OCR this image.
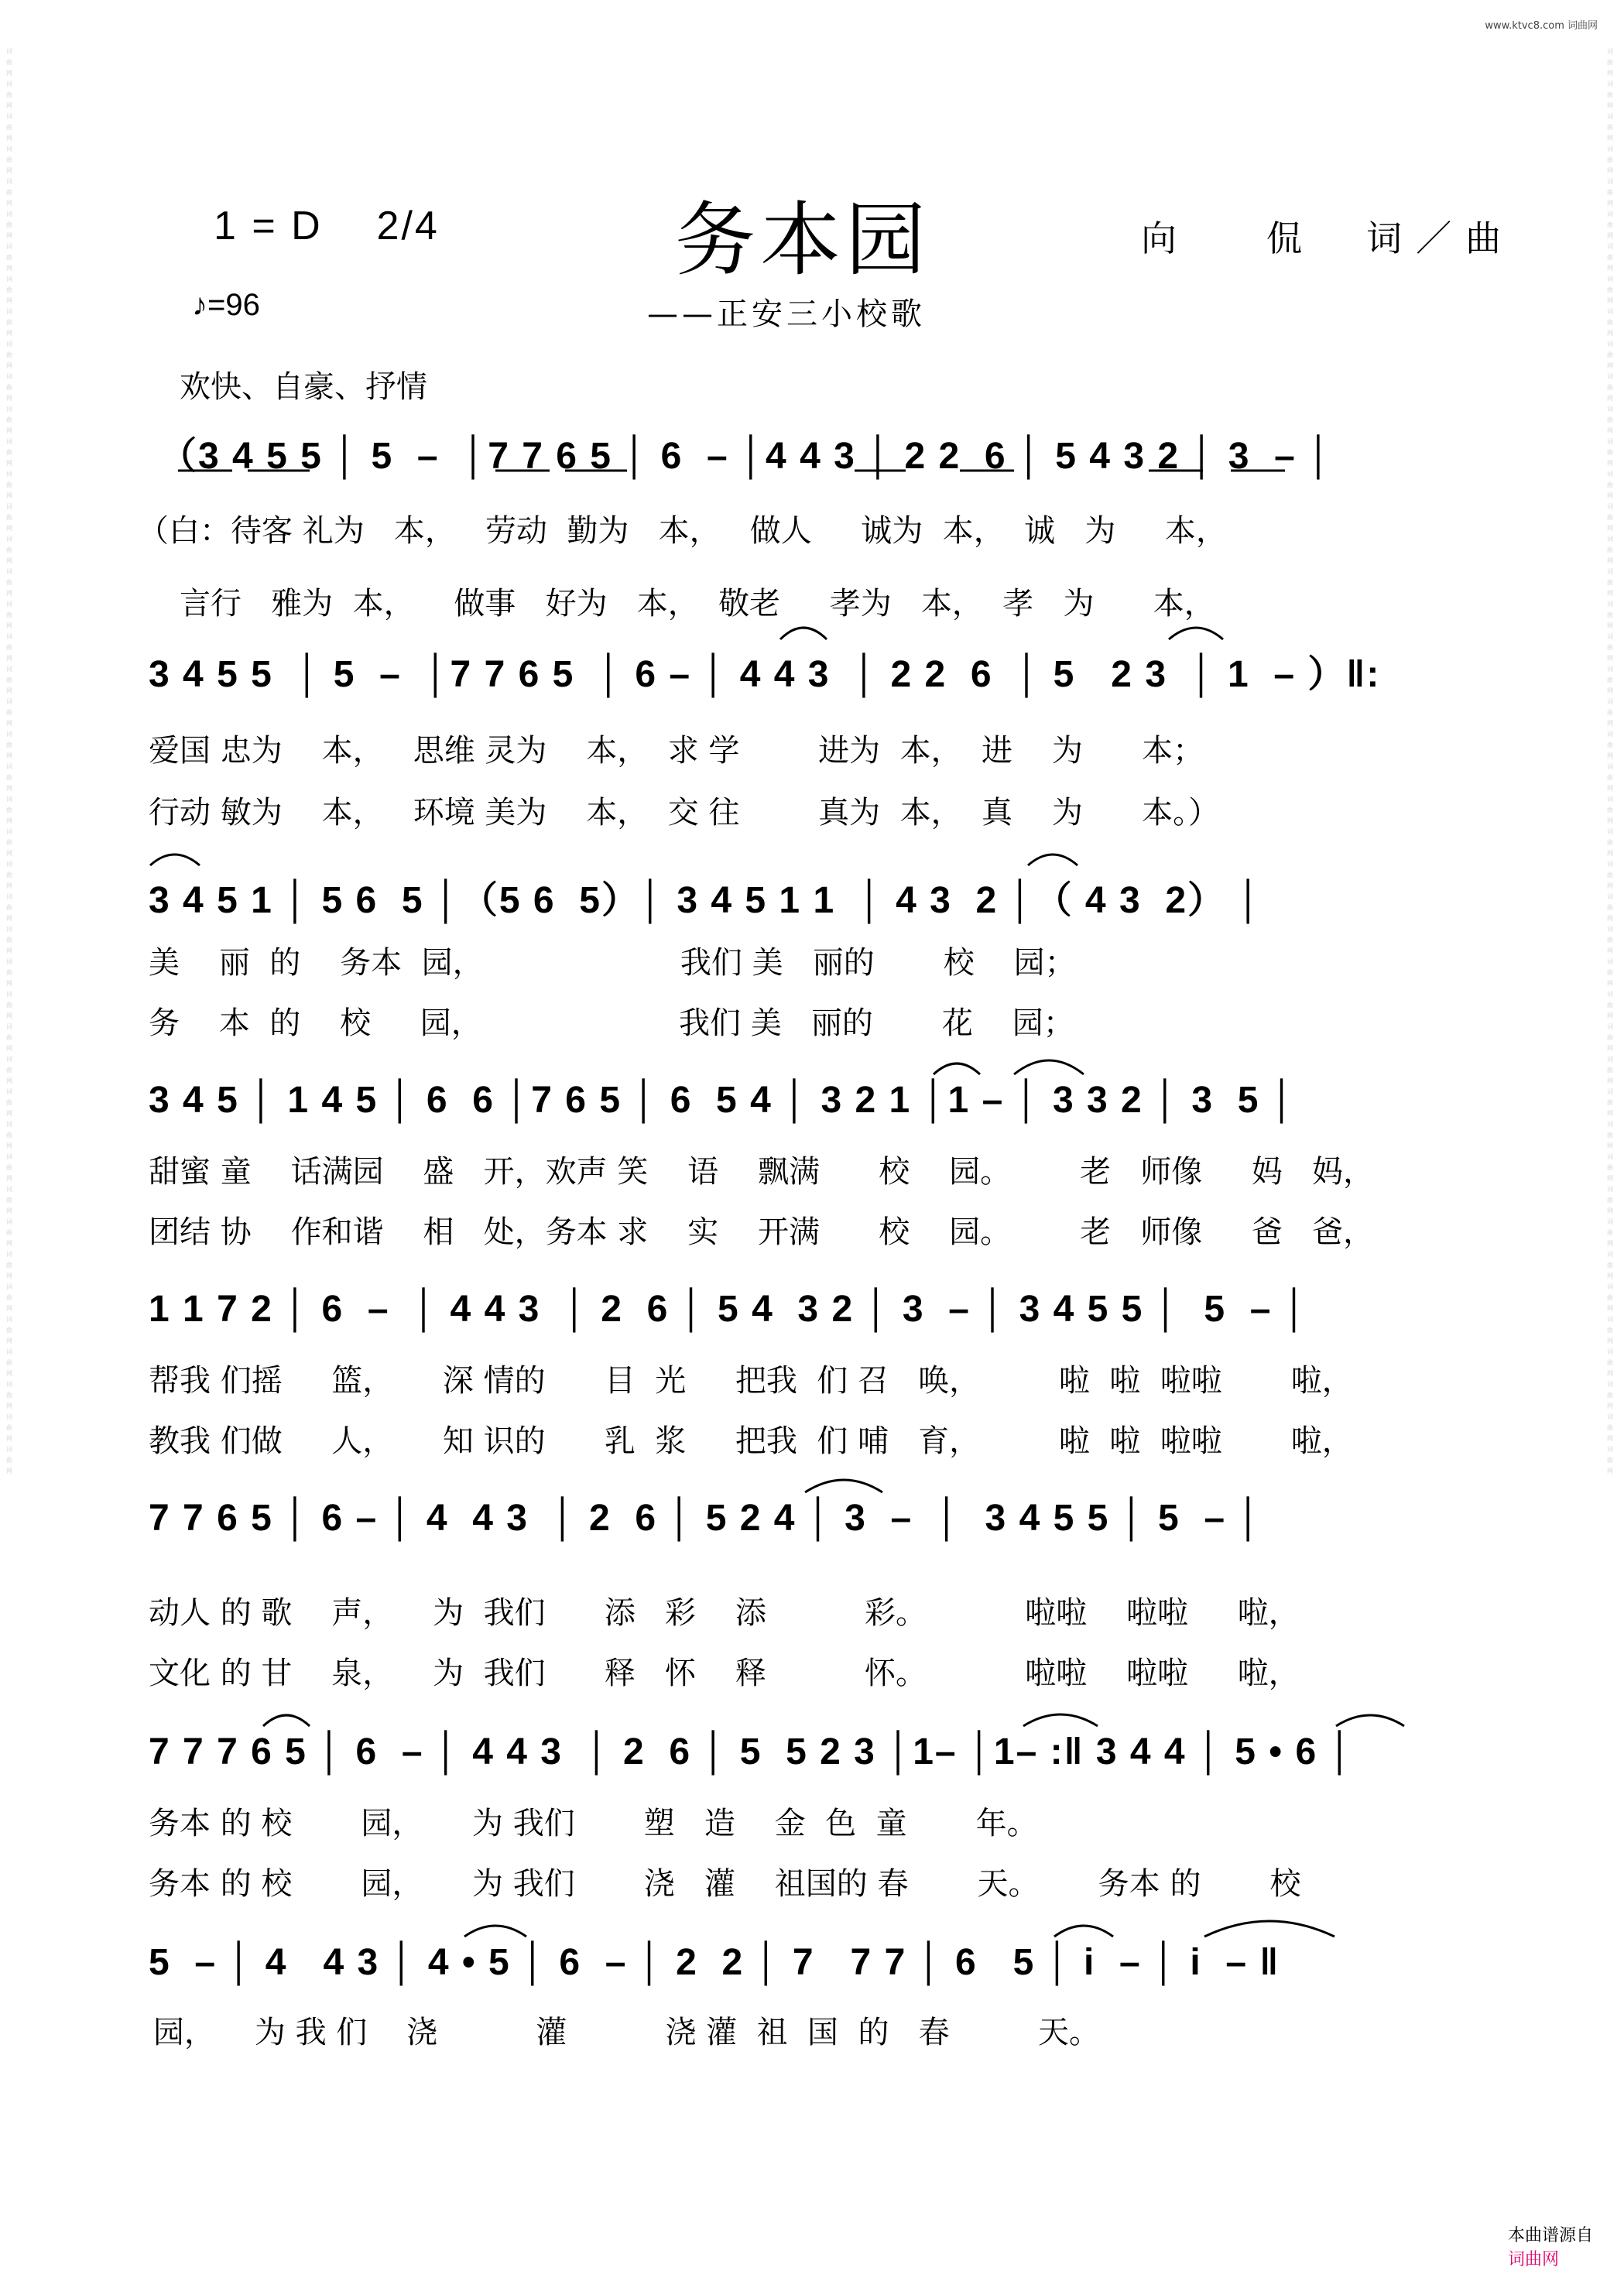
www.ktvc8.com 词曲网
词曲网 词曲网 词曲网 词曲网 词曲网 词曲网 词曲网 词曲网 词曲网 词曲网 词曲网 词曲网 词曲网 词曲网 词曲网 词曲网 词曲网 词曲网 词曲网 词曲网 词曲网 词曲网 词曲网 词曲网 词曲网 词曲网 词曲网 词曲网 词曲网 词曲网 词曲网 词曲网 词曲网 词曲网 词曲网 词曲网 词曲网 词曲网 词曲网 词曲网 词曲网 词曲网 词曲网 词曲网
词曲网 词曲网 词曲网 词曲网 词曲网 词曲网 词曲网 词曲网 词曲网 词曲网 词曲网 词曲网 词曲网 词曲网 词曲网 词曲网 词曲网 词曲网 词曲网 词曲网 词曲网 词曲网 词曲网 词曲网 词曲网 词曲网 词曲网 词曲网 词曲网 词曲网 词曲网 词曲网 词曲网 词曲网 词曲网 词曲网 词曲网 词曲网 词曲网 词曲网 词曲网 词曲网 词曲网 词曲网
1 = D    2/4	务本园	向   侃  词／曲
♪=96	——正安三小校歌
欢快、自豪、抒情
（3 4 5 5 │ 5  –  │7 7 6 5 │ 6  – │4 4 3 │ 2 2  6 │ 5 4 3 2 │ 3  – │
（白：待客 礼为   本，   劳动  勤为   本，   做人     诚为  本，  诚   为     本，
言行   雅为  本，    做事   好为   本，  敬老     孝为   本，  孝   为      本，
3 4 5 5  │ 5  –  │7 7 6 5  │ 6 – │ 4 4 3  │ 2 2  6  │ 5   2 3  │ 1  – ）‖:
爱国 忠为    本，   思维 灵为    本，  求 学        进为  本，  进    为      本；
行动 敏为    本，   环境 美为    本，  交 往        真为  本，  真    为      本。）
3 4 5 1 │ 5 6  5 │（5 6  5）│ 3 4 5 1 1  │ 4 3  2 │（ 4 3  2） │
美    丽  的    务本  园，                    我们 美   丽的       校    园；
务    本  的    校     园，                    我们 美   丽的       花    园；
3 4 5 │ 1 4 5 │ 6  6 │7 6 5 │ 6  5 4 │ 3 2 1 │1 – │ 3 3 2 │ 3  5 │
甜蜜 童    话满园    盛   开，欢声 笑    语    飘满      校    园。       老   师像     妈   妈，
团结 协    作和谐    相   处，务本 求    实    开满      校    园。       老   师像     爸   爸，
1 1 7 2 │ 6  –  │ 4 4 3  │ 2  6 │ 5 4  3 2 │ 3  – │ 3 4 5 5 │  5  – │
帮我 们摇     篮，     深 情的      目  光     把我  们 召   唤，        啦  啦  啦啦       啦，
教我 们做     人，     知 识的      乳  浆     把我  们 哺   育，        啦  啦  啦啦       啦，
7 7 6 5 │ 6 – │ 4  4 3  │ 2  6 │ 5 2 4 │ 3  –  │  3 4 5 5 │ 5  – │
动人 的 歌    声，    为  我们      添   彩    添          彩。          啦啦    啦啦     啦，
文化 的 甘    泉，    为  我们      释   怀    释          怀。          啦啦    啦啦     啦，
7 7 7 6 5 │ 6  – │ 4 4 3  │ 2  6 │ 5  5 2 3 │1– │1– :‖ 3 4 4 │ 5 • 6 │
务本 的 校       园，     为 我们       塑   造    金  色  童       年。
务本 的 校       园，     为 我们       浇   灌    祖国的 春       天。      务本 的       校
5  – │ 4   4 3 │ 4 • 5 │ 6  – │ 2  2 │ 7   7 7 │ 6   5 │ i  – │ i  – ‖
园，    为 我 们    浇          灌          浇 灌  祖  国  的   春         天。

本曲谱源自
词曲网
